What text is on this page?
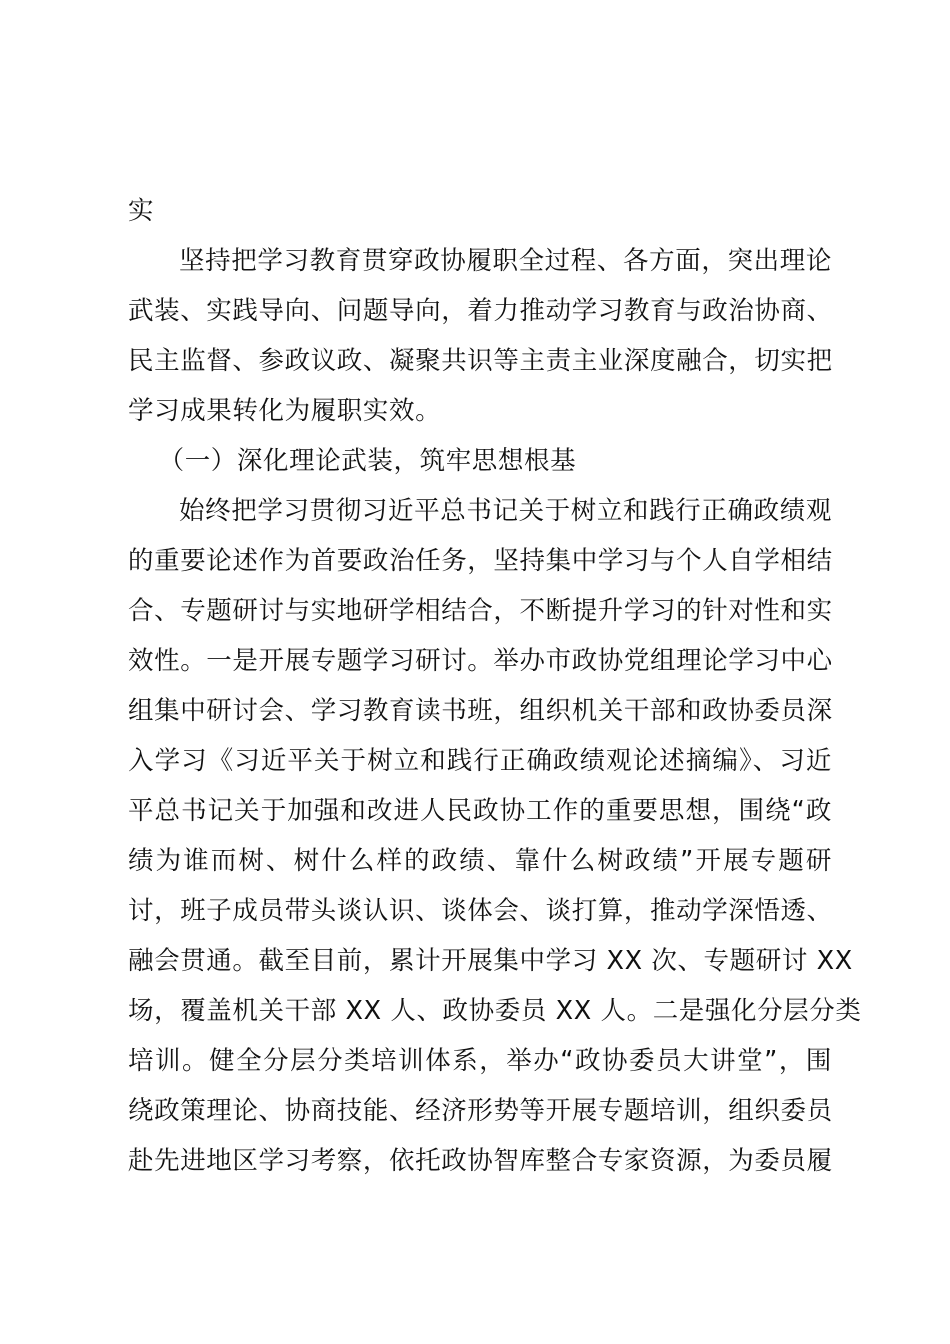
实
坚持把学习教育贯穿政协履职全过程、各方面，突出理论
武装、实践导向、问题导向，着力推动学习教育与政治协商、
民主监督、参政议政、凝聚共识等主责主业深度融合，切实把
学习成果转化为履职实效。
（一）深化理论武装，筑牢思想根基
始终把学习贯彻习近平总书记关于树立和践行正确政绩观
的重要论述作为首要政治任务，坚持集中学习与个人自学相结
合、专题研讨与实地研学相结合，不断提升学习的针对性和实
效性。一是开展专题学习研讨。举办市政协党组理论学习中心
组集中研讨会、学习教育读书班，组织机关干部和政协委员深
入学习《习近平关于树立和践行正确政绩观论述摘编》、习近
平总书记关于加强和改进人民政协工作的重要思想，围绕“政
绩为谁而树、树什么样的政绩、靠什么树政绩”开展专题研
讨，班子成员带头谈认识、谈体会、谈打算，推动学深悟透、
融会贯通。截至目前，累计开展集中学习 XX 次、专题研讨 XX
场，覆盖机关干部 XX 人、政协委员 XX 人。二是强化分层分类
培训。健全分层分类培训体系，举办“政协委员大讲堂”，围
绕政策理论、协商技能、经济形势等开展专题培训，组织委员
赴先进地区学习考察，依托政协智库整合专家资源，为委员履
